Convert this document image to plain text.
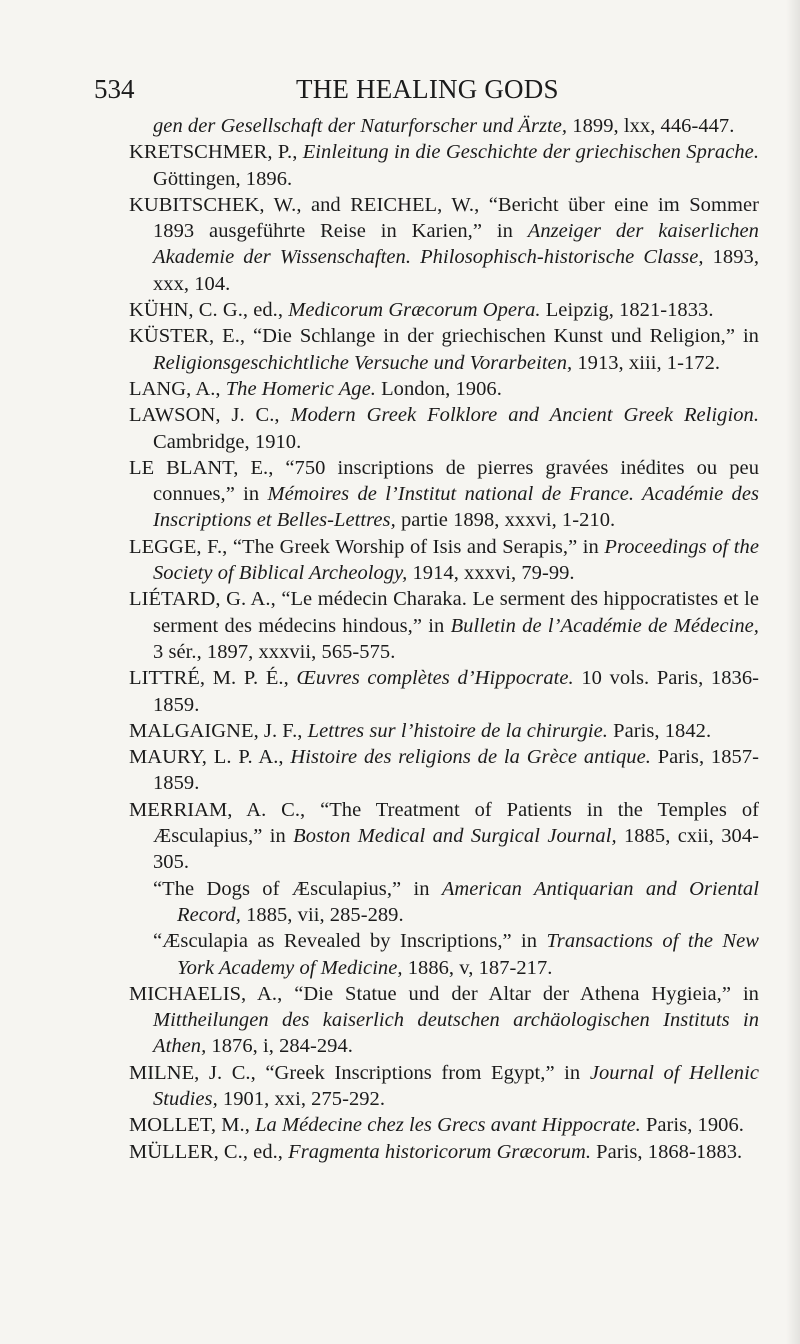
534	THE HEALING GODS

gen der Gesellschaft der Naturforscher und Ärzte, 1899, lxx, 446-447.

KRETSCHMER, P., Einleitung in die Geschichte der griechischen Sprache. Göttingen, 1896.

KUBITSCHEK, W., and REICHEL, W., “Bericht über eine im Sommer 1893 ausgeführte Reise in Karien,” in Anzeiger der kaiserlichen Akademie der Wissenschaften. Philosophisch-historische Classe, 1893, xxx, 104.

KÜHN, C. G., ed., Medicorum Græcorum Opera. Leipzig, 1821-1833.

KÜSTER, E., “Die Schlange in der griechischen Kunst und Religion,” in Religionsgeschichtliche Versuche und Vorarbeiten, 1913, xiii, 1-172.

LANG, A., The Homeric Age. London, 1906.

LAWSON, J. C., Modern Greek Folklore and Ancient Greek Religion. Cambridge, 1910.

LE BLANT, E., “750 inscriptions de pierres gravées inédites ou peu connues,” in Mémoires de l’Institut national de France. Académie des Inscriptions et Belles-Lettres, partie 1898, xxxvi, 1-210.

LEGGE, F., “The Greek Worship of Isis and Serapis,” in Proceedings of the Society of Biblical Archeology, 1914, xxxvi, 79-99.

LIÉTARD, G. A., “Le médecin Charaka. Le serment des hippocratistes et le serment des médecins hindous,” in Bulletin de l’Académie de Médecine, 3 sér., 1897, xxxvii, 565-575.

LITTRÉ, M. P. É., Œuvres complètes d’Hippocrate. 10 vols. Paris, 1836-1859.

MALGAIGNE, J. F., Lettres sur l’histoire de la chirurgie. Paris, 1842.

MAURY, L. P. A., Histoire des religions de la Grèce antique. Paris, 1857-1859.

MERRIAM, A. C., “The Treatment of Patients in the Temples of Æsculapius,” in Boston Medical and Surgical Journal, 1885, cxii, 304-305.

“The Dogs of Æsculapius,” in American Antiquarian and Oriental Record, 1885, vii, 285-289.

“Æsculapia as Revealed by Inscriptions,” in Transactions of the New York Academy of Medicine, 1886, v, 187-217.

MICHAELIS, A., “Die Statue und der Altar der Athena Hygieia,” in Mittheilungen des kaiserlich deutschen archäologischen Instituts in Athen, 1876, i, 284-294.

MILNE, J. C., “Greek Inscriptions from Egypt,” in Journal of Hellenic Studies, 1901, xxi, 275-292.

MOLLET, M., La Médecine chez les Grecs avant Hippocrate. Paris, 1906.

MÜLLER, C., ed., Fragmenta historicorum Græcorum. Paris, 1868-1883.
